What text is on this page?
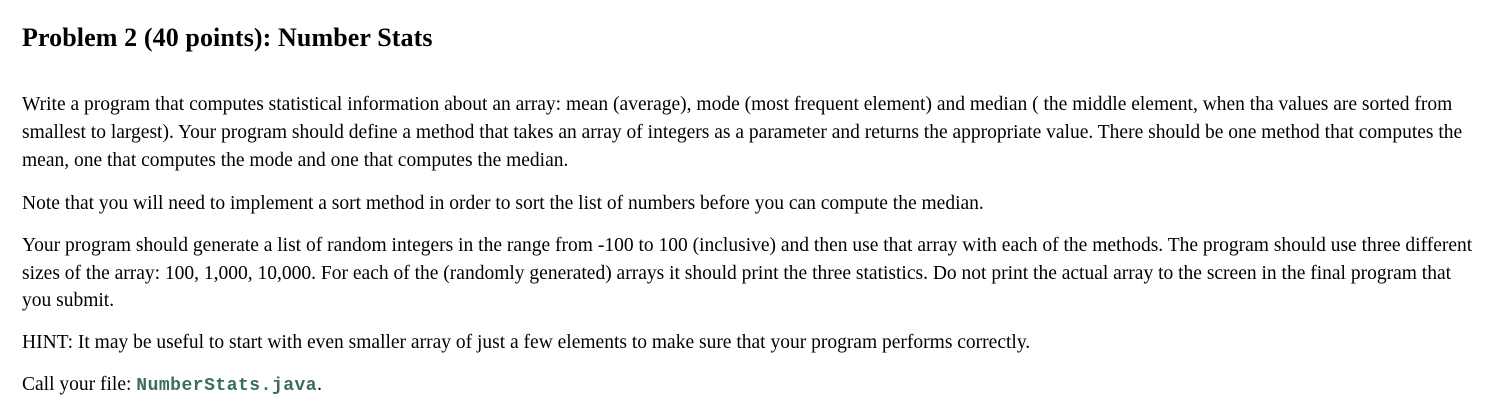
Problem 2 (40 points): Number Stats

Write a program that computes statistical information about an array: mean (average), mode (most frequent element) and median ( the middle element, when tha values are sorted from smallest to largest). Your program should define a method that takes an array of integers as a parameter and returns the appropriate value. There should be one method that computes the mean, one that computes the mode and one that computes the median.

Note that you will need to implement a sort method in order to sort the list of numbers before you can compute the median.

Your program should generate a list of random integers in the range from -100 to 100 (inclusive) and then use that array with each of the methods. The program should use three different sizes of the array: 100, 1,000, 10,000. For each of the (randomly generated) arrays it should print the three statistics. Do not print the actual array to the screen in the final program that you submit.

HINT: It may be useful to start with even smaller array of just a few elements to make sure that your program performs correctly.

Call your file: NumberStats.java.
